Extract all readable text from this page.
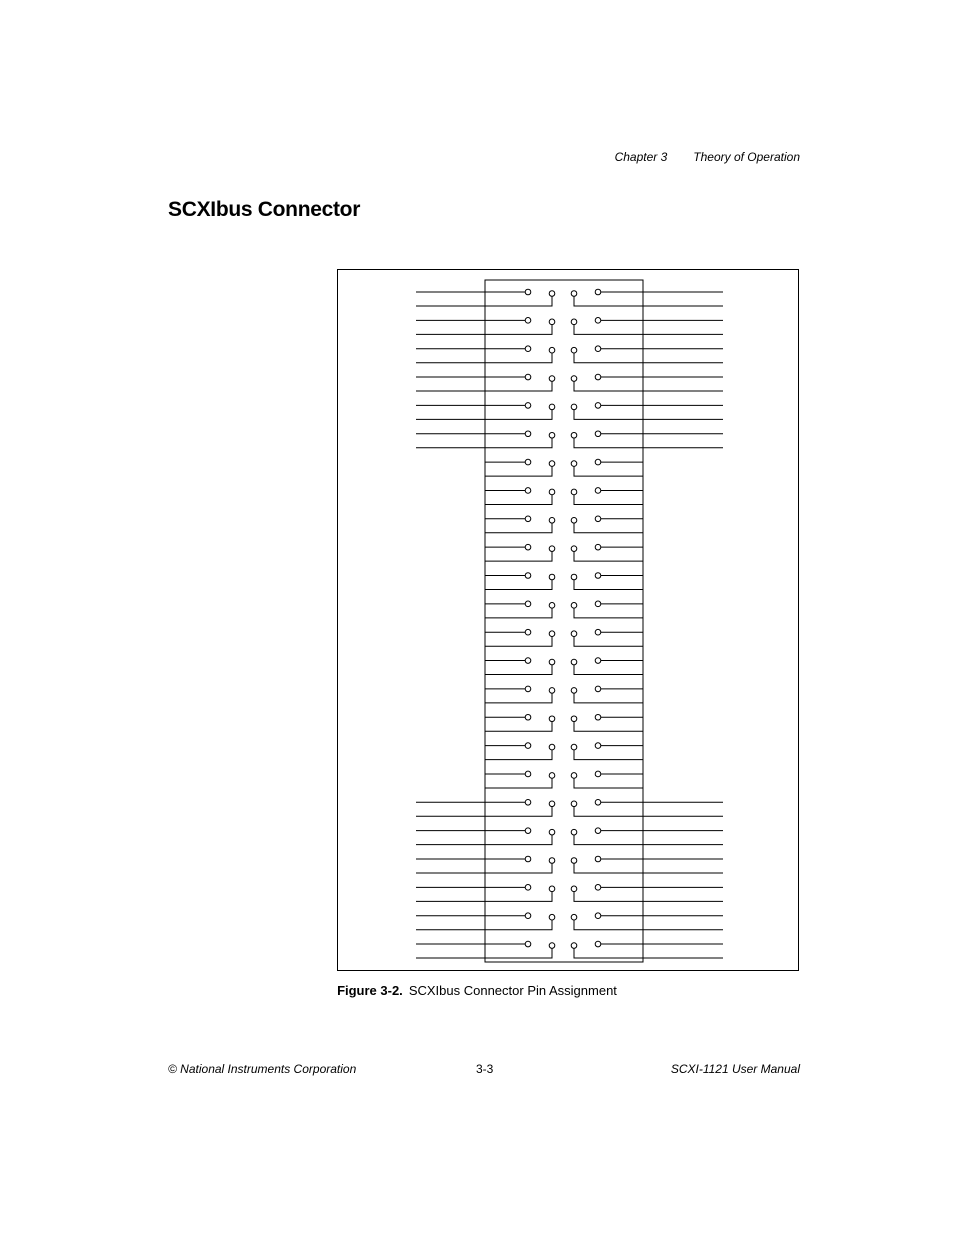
Chapter 3 Theory of Operation
SCXIbus Connector
Figure 3-2. SCXIbus Connector Pin Assignment
© National Instruments Corporation	3-3	SCXI-1121 User Manual
